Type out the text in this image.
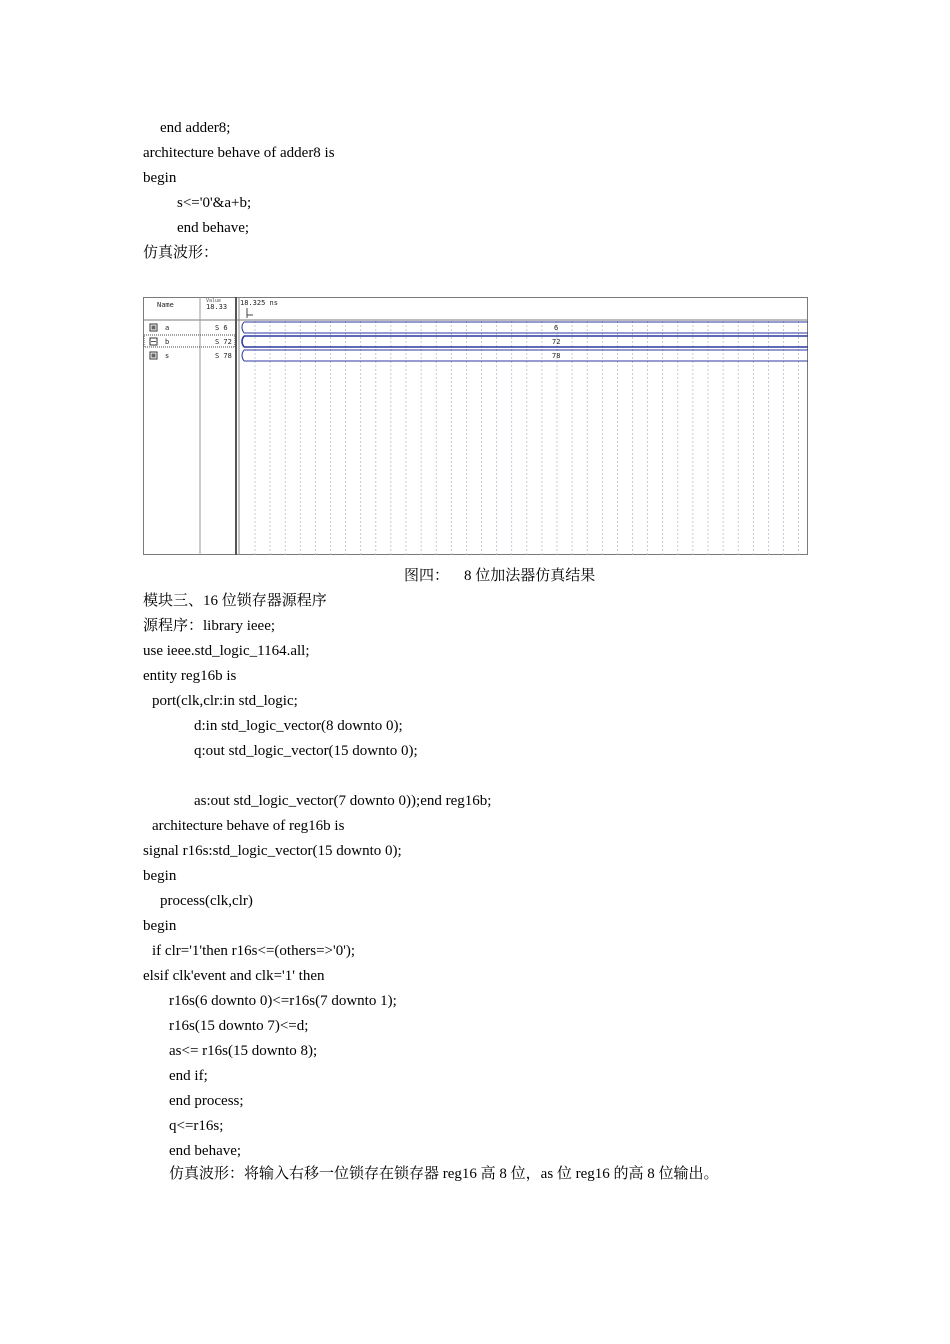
end adder8;
architecture behave of adder8 is
begin
s<='0'&a+b;
end behave;
仿真波形：
Name	Value
18.33 18.325 ns
a	S 6
b	S 72
s	S 78
6
72
78
图四：    8 位加法器仿真结果
模块三、16 位锁存器源程序
源程序：library ieee;
use ieee.std_logic_1164.all;
entity reg16b is
port(clk,clr:in std_logic;
d:in std_logic_vector(8 downto 0);
q:out std_logic_vector(15 downto 0);
as:out std_logic_vector(7 downto 0));end reg16b;
architecture behave of reg16b is
signal r16s:std_logic_vector(15 downto 0);
begin
process(clk,clr)
begin
if clr='1'then r16s<=(others=>'0');
elsif clk'event and clk='1' then
r16s(6 downto 0)<=r16s(7 downto 1);
r16s(15 downto 7)<=d;
as<= r16s(15 downto 8);
end if;
end process;
q<=r16s;
end behave;
仿真波形：将输入右移一位锁存在锁存器 reg16 高 8 位，as 位 reg16 的高 8 位输出。
